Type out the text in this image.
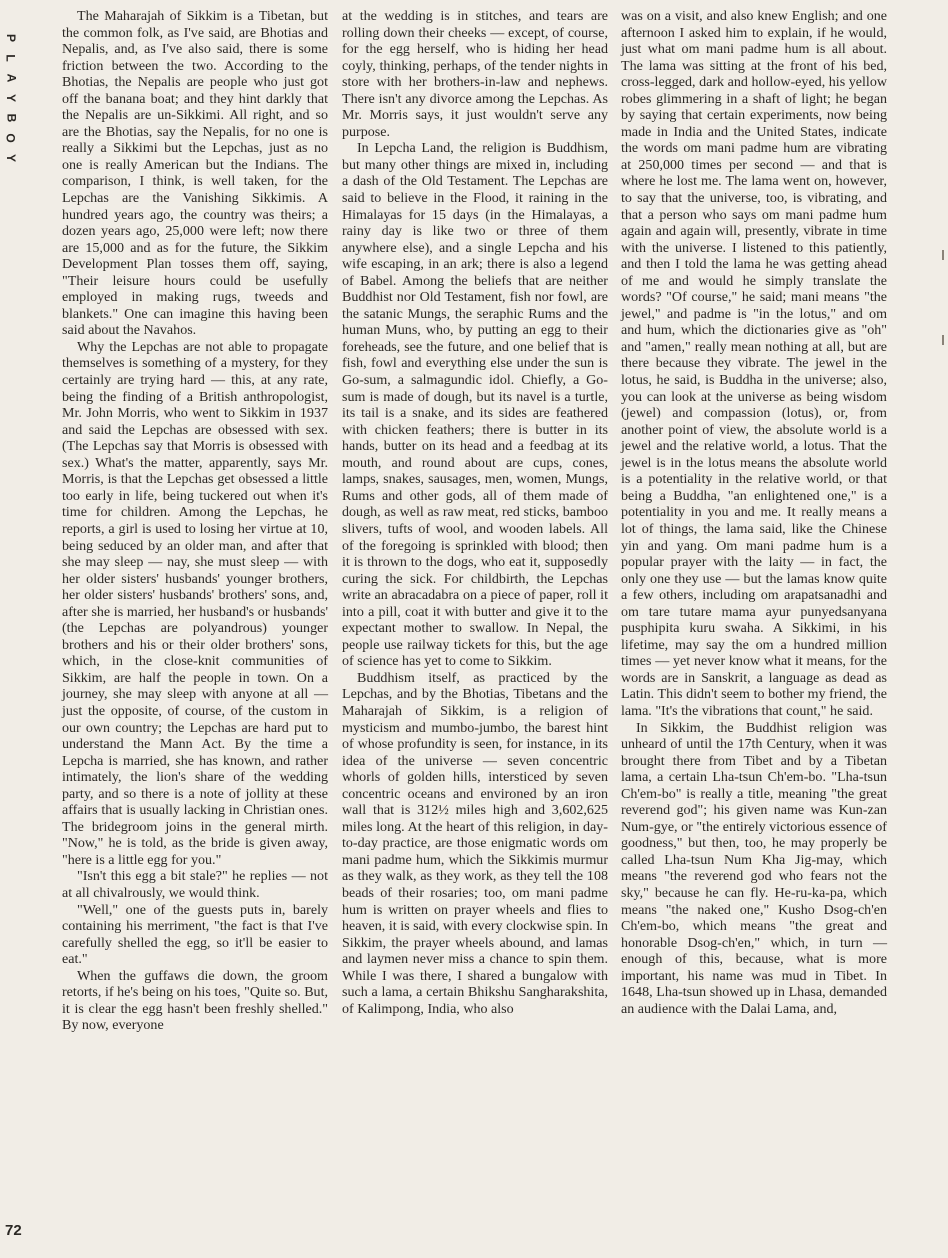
P
L
A
Y
B
O
Y

The Maharajah of Sikkim is a Tibetan, but the common folk, as I've said, are Bhotias and Nepalis, and, as I've also said, there is some friction between the two. According to the Bhotias, the Nepalis are people who just got off the banana boat; and they hint darkly that the Nepalis are un-Sikkimi. All right, and so are the Bhotias, say the Nepalis, for no one is really a Sikkimi but the Lepchas, just as no one is really American but the Indians. The comparison, I think, is well taken, for the Lepchas are the Vanishing Sikkimis. A hundred years ago, the country was theirs; a dozen years ago, 25,000 were left; now there are 15,000 and as for the future, the Sikkim Development Plan tosses them off, saying, "Their leisure hours could be usefully employed in making rugs, tweeds and blankets." One can imagine this having been said about the Navahos.

Why the Lepchas are not able to propagate themselves is something of a mystery, for they certainly are trying hard — this, at any rate, being the finding of a British anthropologist, Mr. John Morris, who went to Sikkim in 1937 and said the Lepchas are obsessed with sex. (The Lepchas say that Morris is obsessed with sex.) What's the matter, apparently, says Mr. Morris, is that the Lepchas get obsessed a little too early in life, being tuckered out when it's time for children. Among the Lepchas, he reports, a girl is used to losing her virtue at 10, being seduced by an older man, and after that she may sleep — nay, she must sleep — with her older sisters' husbands' younger brothers, her older sisters' husbands' brothers' sons, and, after she is married, her husband's or husbands' (the Lepchas are polyandrous) younger brothers and his or their older brothers' sons, which, in the close-knit communities of Sikkim, are half the people in town. On a journey, she may sleep with anyone at all — just the opposite, of course, of the custom in our own country; the Lepchas are hard put to understand the Mann Act. By the time a Lepcha is married, she has known, and rather intimately, the lion's share of the wedding party, and so there is a note of jollity at these affairs that is usually lacking in Christian ones. The bridegroom joins in the general mirth. "Now," he is told, as the bride is given away, "here is a little egg for you."

"Isn't this egg a bit stale?" he replies — not at all chivalrously, we would think.

"Well," one of the guests puts in, barely containing his merriment, "the fact is that I've carefully shelled the egg, so it'll be easier to eat."

When the guffaws die down, the groom retorts, if he's being on his toes, "Quite so. But, it is clear the egg hasn't been freshly shelled." By now, everyone

at the wedding is in stitches, and tears are rolling down their cheeks — except, of course, for the egg herself, who is hiding her head coyly, thinking, perhaps, of the tender nights in store with her brothers-in-law and nephews. There isn't any divorce among the Lepchas. As Mr. Morris says, it just wouldn't serve any purpose.

In Lepcha Land, the religion is Buddhism, but many other things are mixed in, including a dash of the Old Testament. The Lepchas are said to believe in the Flood, it raining in the Himalayas for 15 days (in the Himalayas, a rainy day is like two or three of them anywhere else), and a single Lepcha and his wife escaping, in an ark; there is also a legend of Babel. Among the beliefs that are neither Buddhist nor Old Testament, fish nor fowl, are the satanic Mungs, the seraphic Rums and the human Muns, who, by putting an egg to their foreheads, see the future, and one belief that is fish, fowl and everything else under the sun is Go-sum, a salmagundic idol. Chiefly, a Go-sum is made of dough, but its navel is a turtle, its tail is a snake, and its sides are feathered with chicken feathers; there is butter in its hands, butter on its head and a feedbag at its mouth, and round about are cups, cones, lamps, snakes, sausages, men, women, Mungs, Rums and other gods, all of them made of dough, as well as raw meat, red sticks, bamboo slivers, tufts of wool, and wooden labels. All of the foregoing is sprinkled with blood; then it is thrown to the dogs, who eat it, supposedly curing the sick. For childbirth, the Lepchas write an abracadabra on a piece of paper, roll it into a pill, coat it with butter and give it to the expectant mother to swallow. In Nepal, the people use railway tickets for this, but the age of science has yet to come to Sikkim.

Buddhism itself, as practiced by the Lepchas, and by the Bhotias, Tibetans and the Maharajah of Sikkim, is a religion of mysticism and mumbo-jumbo, the barest hint of whose profundity is seen, for instance, in its idea of the universe — seven concentric whorls of golden hills, intersticed by seven concentric oceans and environed by an iron wall that is 312½ miles high and 3,602,625 miles long. At the heart of this religion, in day-to-day practice, are those enigmatic words om mani padme hum, which the Sikkimis murmur as they walk, as they work, as they tell the 108 beads of their rosaries; too, om mani padme hum is written on prayer wheels and flies to heaven, it is said, with every clockwise spin. In Sikkim, the prayer wheels abound, and lamas and laymen never miss a chance to spin them. While I was there, I shared a bungalow with such a lama, a certain Bhikshu Sangharakshita, of Kalimpong, India, who also

was on a visit, and also knew English; and one afternoon I asked him to explain, if he would, just what om mani padme hum is all about. The lama was sitting at the front of his bed, cross-legged, dark and hollow-eyed, his yellow robes glimmering in a shaft of light; he began by saying that certain experiments, now being made in India and the United States, indicate the words om mani padme hum are vibrating at 250,000 times per second — and that is where he lost me. The lama went on, however, to say that the universe, too, is vibrating, and that a person who says om mani padme hum again and again will, presently, vibrate in time with the universe. I listened to this patiently, and then I told the lama he was getting ahead of me and would he simply translate the words? "Of course," he said; mani means "the jewel," and padme is "in the lotus," and om and hum, which the dictionaries give as "oh" and "amen," really mean nothing at all, but are there because they vibrate. The jewel in the lotus, he said, is Buddha in the universe; also, you can look at the universe as being wisdom (jewel) and compassion (lotus), or, from another point of view, the absolute world is a jewel and the relative world, a lotus. That the jewel is in the lotus means the absolute world is a potentiality in the relative world, or that being a Buddha, "an enlightened one," is a potentiality in you and me. It really means a lot of things, the lama said, like the Chinese yin and yang. Om mani padme hum is a popular prayer with the laity — in fact, the only one they use — but the lamas know quite a few others, including om arapatsanadhi and om tare tutare mama ayur punyedsanyana pusphipita kuru swaha. A Sikkimi, in his lifetime, may say the om a hundred million times — yet never know what it means, for the words are in Sanskrit, a language as dead as Latin. This didn't seem to bother my friend, the lama. "It's the vibrations that count," he said.

In Sikkim, the Buddhist religion was unheard of until the 17th Century, when it was brought there from Tibet and by a Tibetan lama, a certain Lha-tsun Ch'em-bo. "Lha-tsun Ch'em-bo" is really a title, meaning "the great reverend god"; his given name was Kun-zan Num-gye, or "the entirely victorious essence of goodness," but then, too, he may properly be called Lha-tsun Num Kha Jig-may, which means "the reverend god who fears not the sky," because he can fly. He-ru-ka-pa, which means "the naked one," Kusho Dsog-ch'en Ch'em-bo, which means "the great and honorable Dsog-ch'en," which, in turn — enough of this, because, what is more important, his name was mud in Tibet. In 1648, Lha-tsun showed up in Lhasa, demanded an audience with the Dalai Lama, and,

72
